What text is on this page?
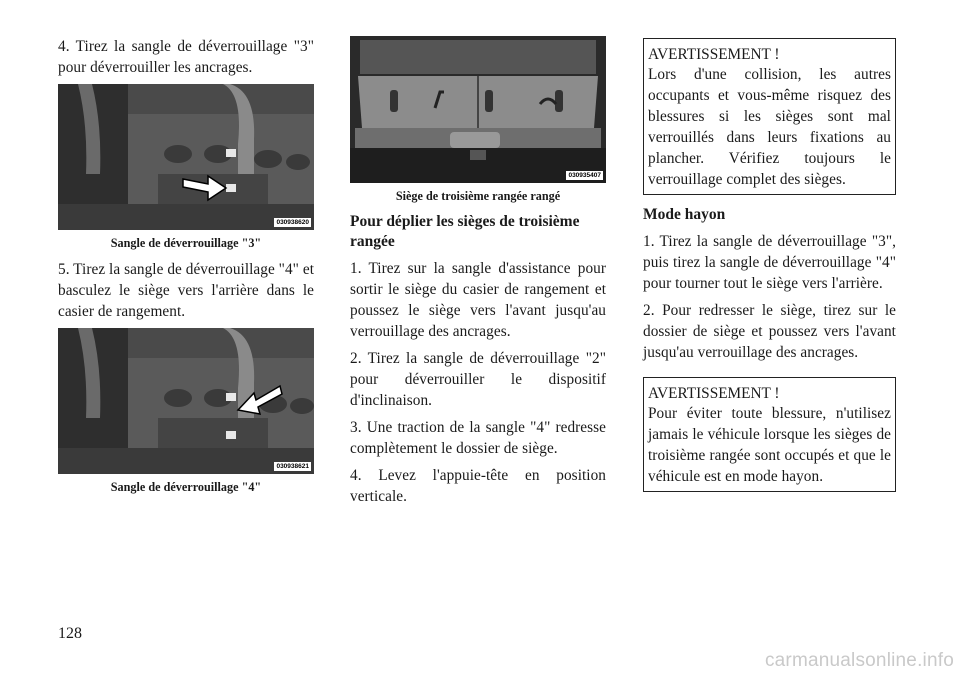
4. Tirez la sangle de déverrouillage "3" pour déverrouiller les ancrages.

030938620
Sangle de déverrouillage "3"

5. Tirez la sangle de déverrouillage "4" et basculez le siège vers l'arrière dans le casier de rangement.

030938621
Sangle de déverrouillage "4"
030935407
Siège de troisième rangée rangé
Pour déplier les sièges de troisième rangée

1. Tirez sur la sangle d'assistance pour sortir le siège du casier de rangement et poussez le siège vers l'avant jusqu'au verrouillage des ancrages.

2. Tirez la sangle de déverrouillage "2" pour déverrouiller le dispositif d'inclinaison.

3. Une traction de la sangle "4" redresse complètement le dossier de siège.

4. Levez l'appuie-tête en position verticale.

AVERTISSEMENT !

Lors d'une collision, les autres occupants et vous-même risquez des blessures si les sièges sont mal verrouillés dans leurs fixations au plancher. Vérifiez toujours le verrouillage complet des sièges.

Mode hayon

1. Tirez la sangle de déverrouillage "3", puis tirez la sangle de déverrouillage "4" pour tourner tout le siège vers l'arrière.

2. Pour redresser le siège, tirez sur le dossier de siège et poussez vers l'avant jusqu'au verrouillage des ancrages.

AVERTISSEMENT !

Pour éviter toute blessure, n'utilisez jamais le véhicule lorsque les sièges de troisième rangée sont occupés et que le véhicule est en mode hayon.

128
carmanualsonline.info
